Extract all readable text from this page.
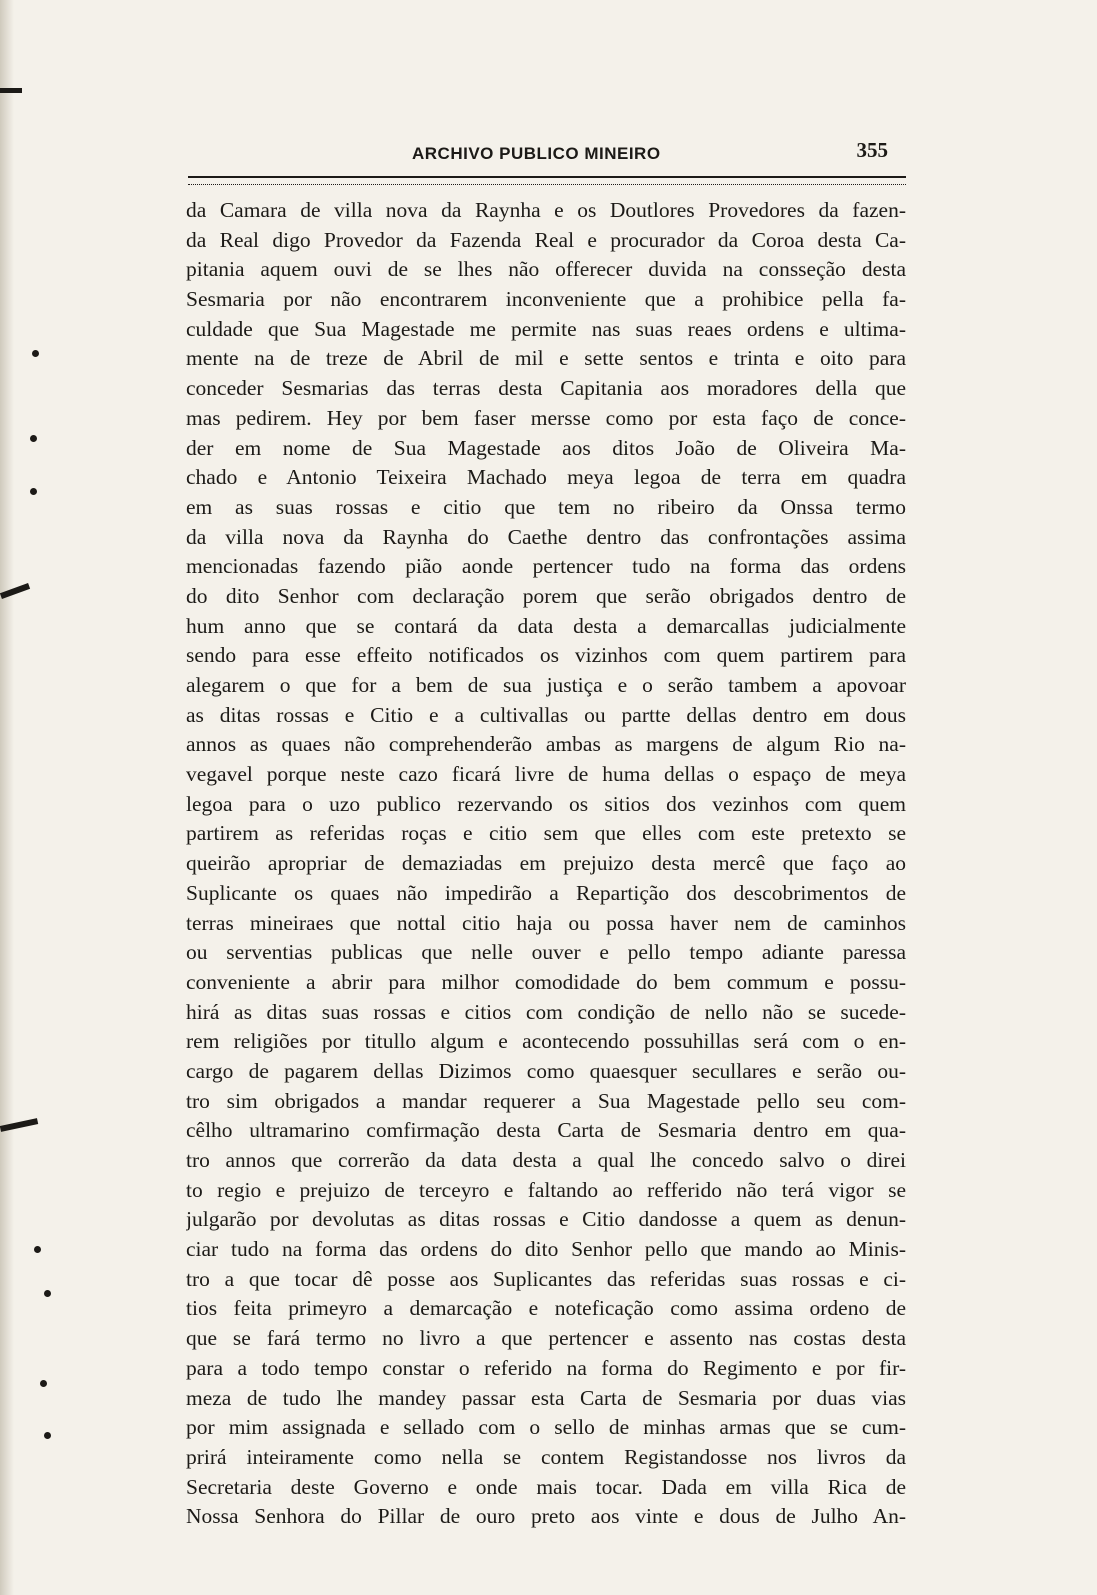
ARCHIVO PUBLICO MINEIRO	355
da Camara de villa nova da Raynha e os Doutlores Provedores da fazen-
da Real digo Provedor da Fazenda Real e procurador da Coroa desta Ca-
pitania aquem ouvi de se lhes não offerecer duvida na consseção desta
Sesmaria por não encontrarem inconveniente que a prohibice pella fa-
culdade que Sua Magestade me permite nas suas reaes ordens e ultima-
mente na de treze de Abril de mil e sette sentos e trinta e oito para
conceder Sesmarias das terras desta Capitania aos moradores della que
mas pedirem. Hey por bem faser mersse como por esta faço de conce-
der em nome de Sua Magestade aos ditos João de Oliveira Ma-
chado e Antonio Teixeira Machado meya legoa de terra em quadra
em as suas rossas e citio que tem no ribeiro da Onssa termo
da villa nova da Raynha do Caethe dentro das confrontações assima
mencionadas fazendo pião aonde pertencer tudo na forma das ordens
do dito Senhor com declaração porem que serão obrigados dentro de
hum anno que se contará da data desta a demarcallas judicialmente
sendo para esse effeito notificados os vizinhos com quem partirem para
alegarem o que for a bem de sua justiça e o serão tambem a apovoar
as ditas rossas e Citio e a cultivallas ou partte dellas dentro em dous
annos as quaes não comprehenderão ambas as margens de algum Rio na-
vegavel porque neste cazo ficará livre de huma dellas o espaço de meya
legoa para o uzo publico rezervando os sitios dos vezinhos com quem
partirem as referidas roças e citio sem que elles com este pretexto se
queirão apropriar de demaziadas em prejuizo desta mercê que faço ao
Suplicante os quaes não impedirão a Repartição dos descobrimentos de
terras mineiraes que nottal citio haja ou possa haver nem de caminhos
ou serventias publicas que nelle ouver e pello tempo adiante paressa
conveniente a abrir para milhor comodidade do bem commum e possu-
hirá as ditas suas rossas e citios com condição de nello não se sucede-
rem religiões por titullo algum e acontecendo possuhillas será com o en-
cargo de pagarem dellas Dizimos como quaesquer secullares e serão ou-
tro sim obrigados a mandar requerer a Sua Magestade pello seu com-
cêlho ultramarino comfirmação desta Carta de Sesmaria dentro em qua-
tro annos que correrão da data desta a qual lhe concedo salvo o direi
to regio e prejuizo de terceyro e faltando ao refferido não terá vigor se
julgarão por devolutas as ditas rossas e Citio dandosse a quem as denun-
ciar tudo na forma das ordens do dito Senhor pello que mando ao Minis-
tro a que tocar dê posse aos Suplicantes das referidas suas rossas e ci-
tios feita primeyro a demarcação e noteficação como assima ordeno de
que se fará termo no livro a que pertencer e assento nas costas desta
para a todo tempo constar o referido na forma do Regimento e por fir-
meza de tudo lhe mandey passar esta Carta de Sesmaria por duas vias
por mim assignada e sellado com o sello de minhas armas que se cum-
prirá inteiramente como nella se contem Registandosse nos livros da
Secretaria deste Governo e onde mais tocar. Dada em villa Rica de
Nossa Senhora do Pillar de ouro preto aos vinte e dous de Julho An-
